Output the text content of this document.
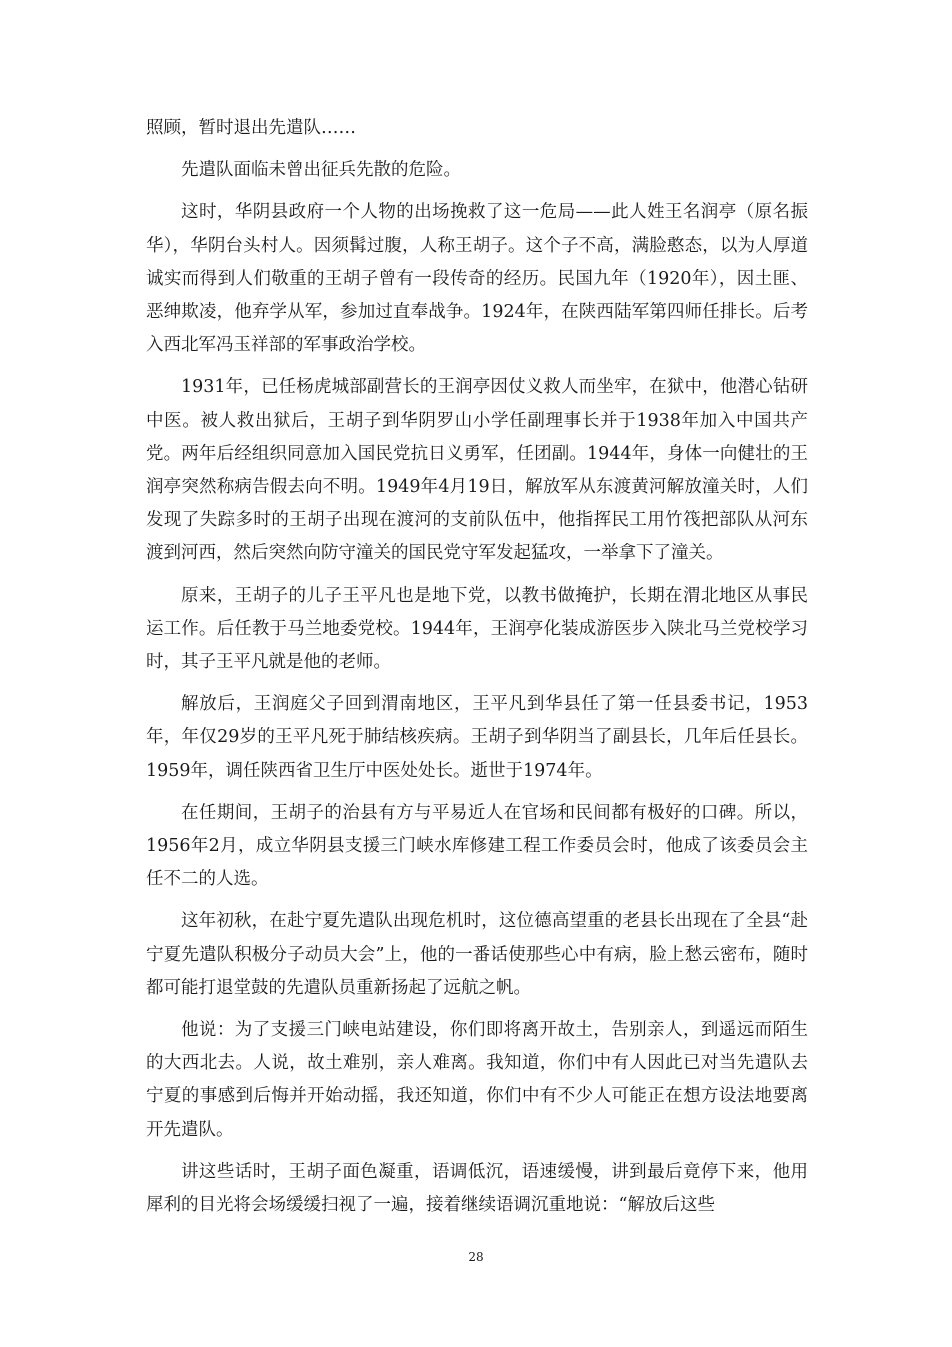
照顾，暂时退出先遣队……

先遣队面临未曾出征兵先散的危险。

这时，华阴县政府一个人物的出场挽救了这一危局——此人姓王名润亭（原名振华），华阴台头村人。因须髯过腹，人称王胡子。这个子不高，满脸憨态，以为人厚道诚实而得到人们敬重的王胡子曾有一段传奇的经历。民国九年（1920年），因土匪、恶绅欺凌，他弃学从军，参加过直奉战争。1924年，在陕西陆军第四师任排长。后考入西北军冯玉祥部的军事政治学校。

1931年，已任杨虎城部副营长的王润亭因仗义救人而坐牢，在狱中，他潜心钻研中医。被人救出狱后，王胡子到华阴罗山小学任副理事长并于1938年加入中国共产党。两年后经组织同意加入国民党抗日义勇军，任团副。1944年，身体一向健壮的王润亭突然称病告假去向不明。1949年4月19日，解放军从东渡黄河解放潼关时，人们发现了失踪多时的王胡子出现在渡河的支前队伍中，他指挥民工用竹筏把部队从河东渡到河西，然后突然向防守潼关的国民党守军发起猛攻，一举拿下了潼关。

原来，王胡子的儿子王平凡也是地下党，以教书做掩护，长期在渭北地区从事民运工作。后任教于马兰地委党校。1944年，王润亭化装成游医步入陕北马兰党校学习时，其子王平凡就是他的老师。

解放后，王润庭父子回到渭南地区，王平凡到华县任了第一任县委书记，1953年，年仅29岁的王平凡死于肺结核疾病。王胡子到华阴当了副县长，几年后任县长。1959年，调任陕西省卫生厅中医处处长。逝世于1974年。

在任期间，王胡子的治县有方与平易近人在官场和民间都有极好的口碑。所以，1956年2月，成立华阴县支援三门峡水库修建工程工作委员会时，他成了该委员会主任不二的人选。

这年初秋，在赴宁夏先遣队出现危机时，这位德高望重的老县长出现在了全县“赴宁夏先遣队积极分子动员大会”上，他的一番话使那些心中有病，脸上愁云密布，随时都可能打退堂鼓的先遣队员重新扬起了远航之帆。

他说：为了支援三门峡电站建设，你们即将离开故土，告别亲人，到遥远而陌生的大西北去。人说，故土难别，亲人难离。我知道，你们中有人因此已对当先遣队去宁夏的事感到后悔并开始动摇，我还知道，你们中有不少人可能正在想方设法地要离开先遣队。

讲这些话时，王胡子面色凝重，语调低沉，语速缓慢，讲到最后竟停下来，他用犀利的目光将会场缓缓扫视了一遍，接着继续语调沉重地说：“解放后这些

28
